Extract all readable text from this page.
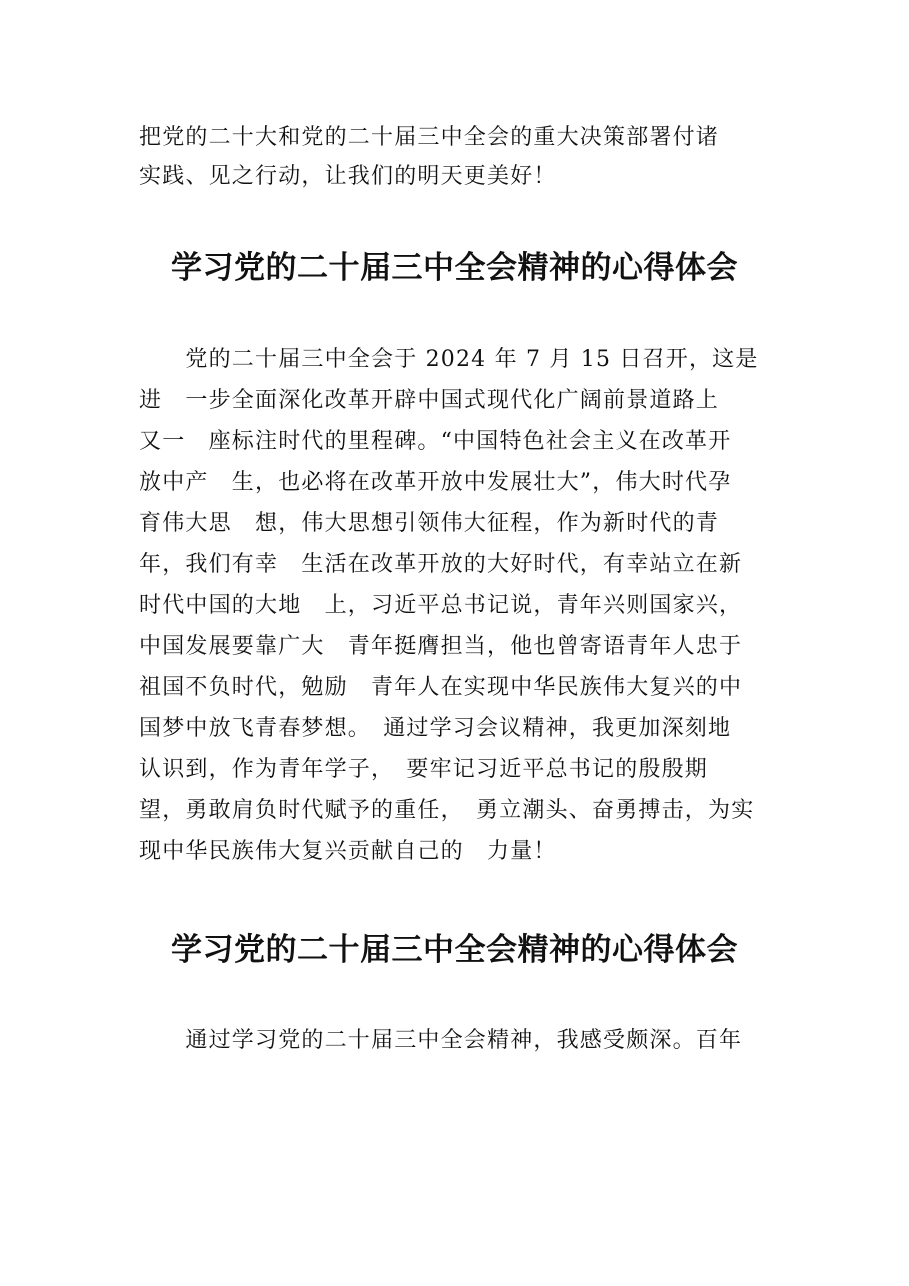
把党的二十大和党的二十届三中全会的重大决策部署付诸
实践、见之行动，让我们的明天更美好！
学习党的二十届三中全会精神的心得体会
　　党的二十届三中全会于 2024 年 7 月 15 日召开，这是
进　一步全面深化改革开辟中国式现代化广阔前景道路上
又一　座标注时代的里程碑。“中国特色社会主义在改革开
放中产　生，也必将在改革开放中发展壮大”，伟大时代孕
育伟大思　想，伟大思想引领伟大征程，作为新时代的青
年，我们有幸　生活在改革开放的大好时代，有幸站立在新
时代中国的大地　上，习近平总书记说，青年兴则国家兴，
中国发展要靠广大　青年挺膺担当，他也曾寄语青年人忠于
祖国不负时代，勉励　青年人在实现中华民族伟大复兴的中
国梦中放飞青春梦想。　通过学习会议精神，我更加深刻地
认识到，作为青年学子，　要牢记习近平总书记的殷殷期
望，勇敢肩负时代赋予的重任，　勇立潮头、奋勇搏击，为实
现中华民族伟大复兴贡献自己的　力量！
学习党的二十届三中全会精神的心得体会
　　通过学习党的二十届三中全会精神，我感受颇深。百年
